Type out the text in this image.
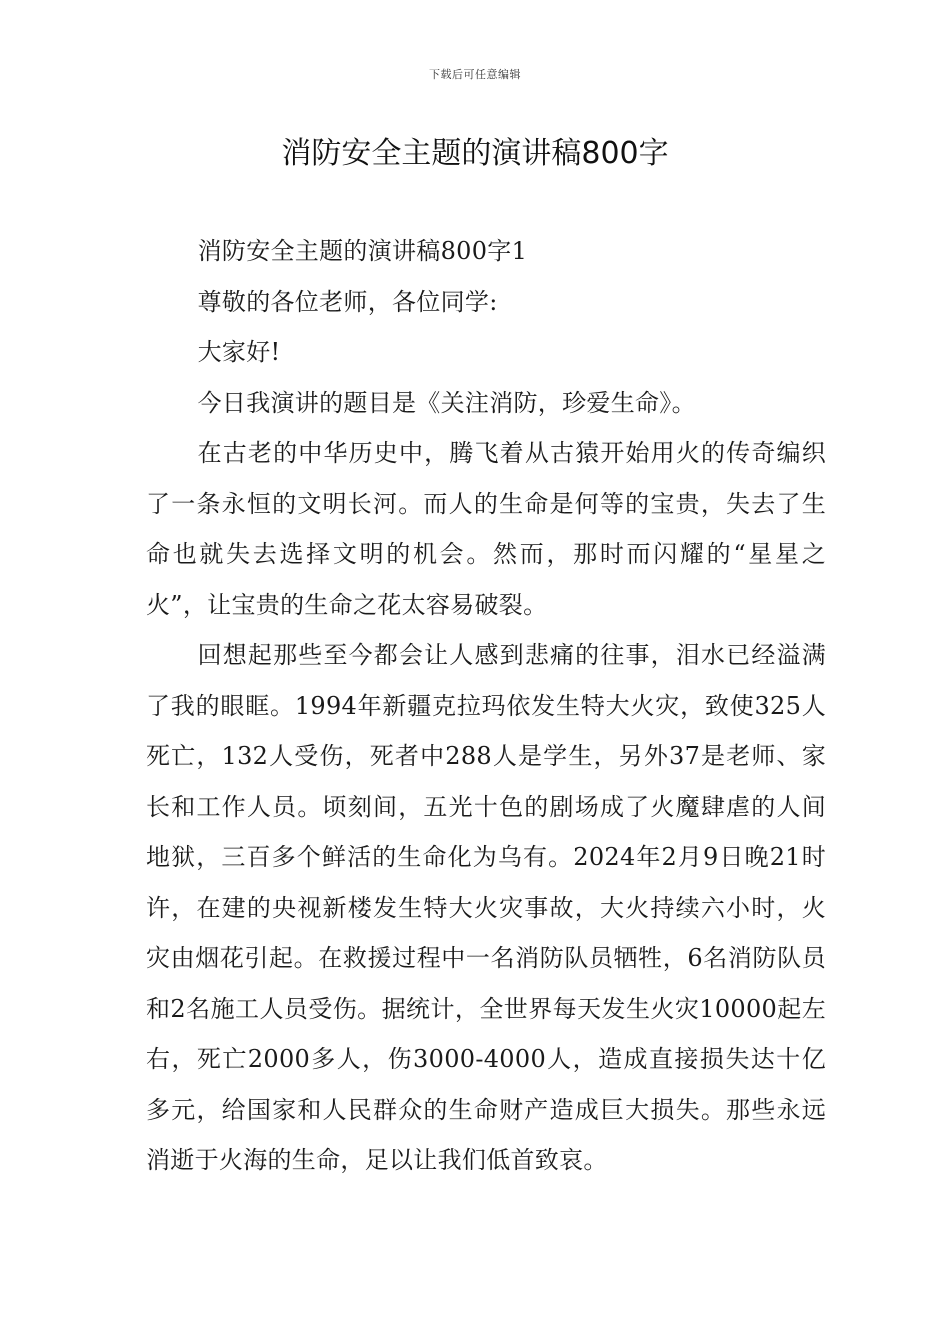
下载后可任意编辑
消防安全主题的演讲稿800字

消防安全主题的演讲稿800字1

尊敬的各位老师，各位同学:

大家好!

今日我演讲的题目是《关注消防，珍爱生命》。

在古老的中华历史中，腾飞着从古猿开始用火的传奇编织了一条永恒的文明长河。而人的生命是何等的宝贵，失去了生命也就失去选择文明的机会。然而，那时而闪耀的“星星之火”，让宝贵的生命之花太容易破裂。

回想起那些至今都会让人感到悲痛的往事，泪水已经溢满了我的眼眶。1994年新疆克拉玛依发生特大火灾，致使325人死亡，132人受伤，死者中288人是学生，另外37是老师、家长和工作人员。顷刻间，五光十色的剧场成了火魔肆虐的人间地狱，三百多个鲜活的生命化为乌有。2024年2月9日晚21时许，在建的央视新楼发生特大火灾事故，大火持续六小时，火灾由烟花引起。在救援过程中一名消防队员牺牲，6名消防队员和2名施工人员受伤。据统计，全世界每天发生火灾10000起左右，死亡2000多人，伤3000-4000人，造成直接损失达十亿多元，给国家和人民群众的生命财产造成巨大损失。那些永远消逝于火海的生命，足以让我们低首致哀。
